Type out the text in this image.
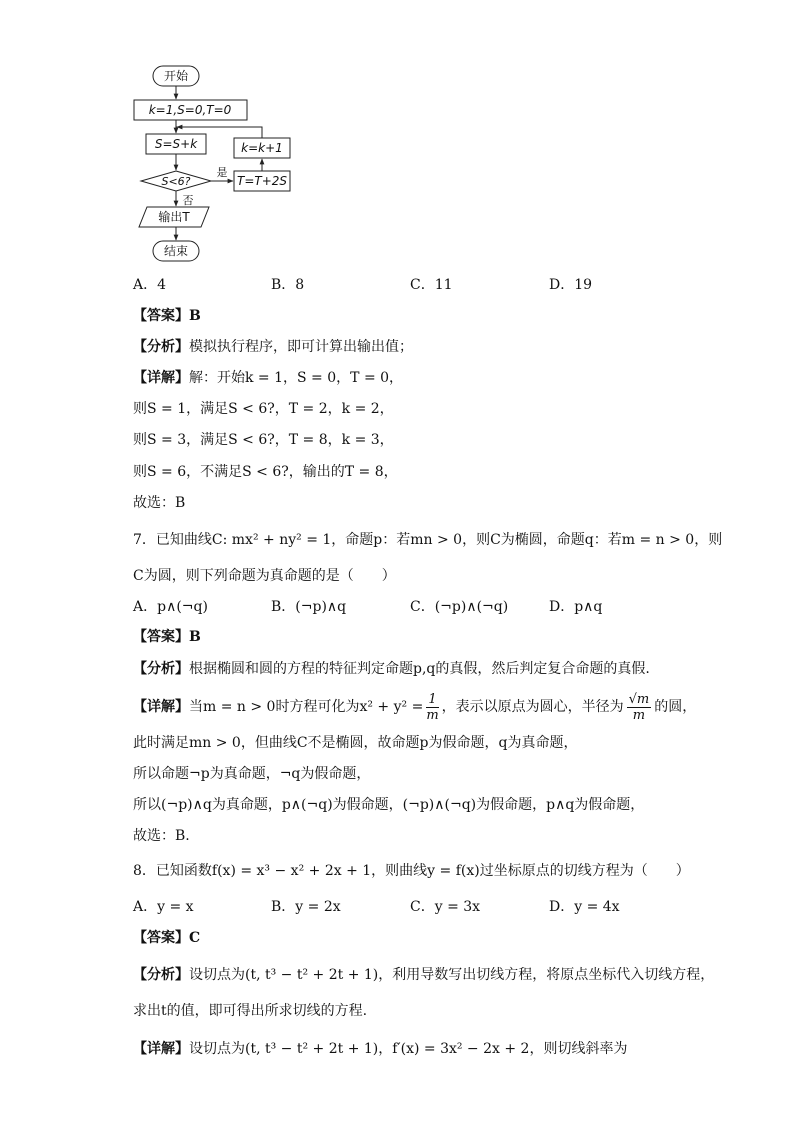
开始
k=1,S=0,T=0
S=S+k
S<6?
是
T=T+2S
k=k+1
否
输出T
结束
A．4	B．8	C．11	D．19
【答案】B
【分析】模拟执行程序，即可计算出输出值；
【详解】解：开始k = 1，S = 0，T = 0，
则S = 1，满足S < 6?，T = 2，k = 2，
则S = 3，满足S < 6?，T = 8，k = 3，
则S = 6，不满足S < 6?，输出的T = 8，
故选：B
7．已知曲线C: mx² + ny² = 1，命题p：若mn > 0，则C为椭圆，命题q：若m = n > 0，则
C为圆，则下列命题为真命题的是（　　）
A．p∧(¬q)	B．(¬p)∧q	C．(¬p)∧(¬q)	D．p∧q
【答案】B
【分析】根据椭圆和圆的方程的特征判定命题p,q的真假，然后判定复合命题的真假.
【详解】当m = n > 0时方程可化为$x^2 + y^2 = \frac{1}{m}$ ，表示以原点为圆心，半径为 $\frac{√m}{m}$ 的圆，
此时满足mn > 0，但曲线C不是椭圆，故命题p为假命题，q为真命题，
所以命题¬p为真命题，¬q为假命题，
所以(¬p)∧q为真命题，p∧(¬q)为假命题，(¬p)∧(¬q)为假命题，p∧q为假命题，
故选：B.
8．已知函数f(x) = x³ − x² + 2x + 1，则曲线y = f(x)过坐标原点的切线方程为（　　）
A．y = x	B．y = 2x	C．y = 3x	D．y = 4x
【答案】C
【分析】设切点为(t, t³ − t² + 2t + 1)，利用导数写出切线方程，将原点坐标代入切线方程，
求出t的值，即可得出所求切线的方程.
【详解】设切点为(t, t³ − t² + 2t + 1)，f′(x) = 3x² − 2x + 2，则切线斜率为
